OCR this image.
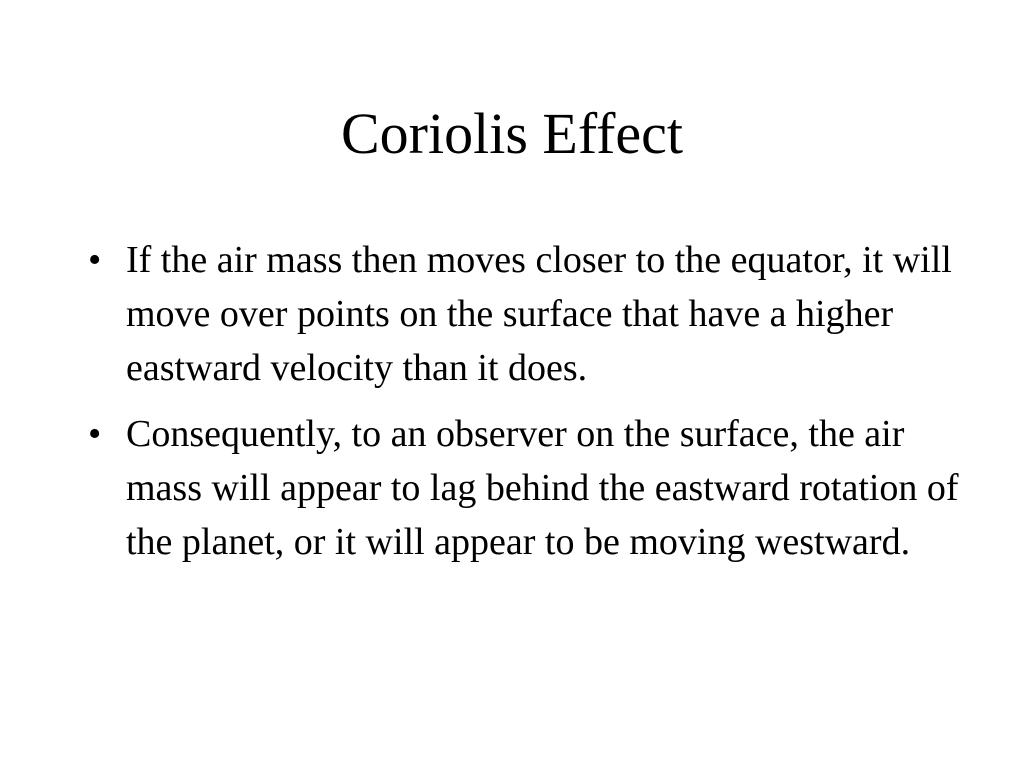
Coriolis Effect
• If the air mass then moves closer to the equator, it will move over points on the surface that have a higher eastward velocity than it does.
• Consequently, to an observer on the surface, the air mass will appear to lag behind the eastward rotation of the planet, or it will appear to be moving westward.
